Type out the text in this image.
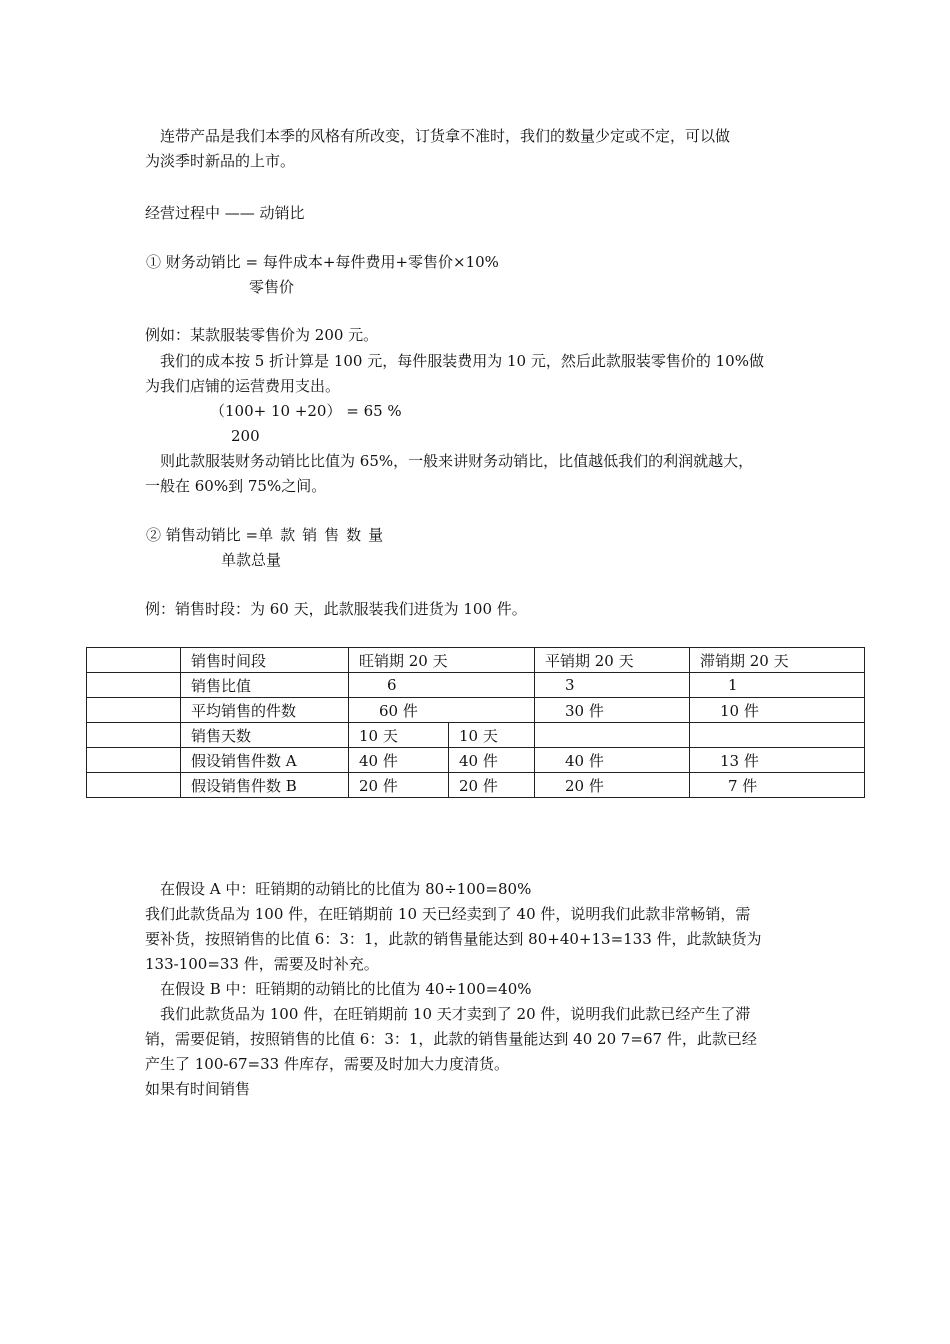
连带产品是我们本季的风格有所改变，订货拿不准时，我们的数量少定或不定，可以做
为淡季时新品的上市。
经营过程中 —— 动销比
① 财务动销比 = 每件成本+每件费用+零售价×10%
零售价
例如：某款服装零售价为 200 元。
我们的成本按 5 折计算是 100 元，每件服装费用为 10 元，然后此款服装零售价的 10%做
为我们店铺的运营费用支出。
（100+ 10 +20） = 65 %
200
则此款服装财务动销比比值为 65%，一般来讲财务动销比，比值越低我们的利润就越大，
一般在 60%到 75%之间。
② 销售动销比 =单款销售数量
单款总量
例：销售时段：为 60 天，此款服装我们进货为 100 件。
	销售时间段	旺销期 20 天		平销期 20 天	滞销期 20 天
	销售比值	6		3	1
	平均销售的件数	60 件		30 件	10 件
	销售天数	10 天	10 天		
	假设销售件数 A	40 件	40 件	40 件	13 件
	假设销售件数 B	20 件	20 件	20 件	7 件
在假设 A 中：旺销期的动销比的比值为 80÷100=80%
我们此款货品为 100 件，在旺销期前 10 天已经卖到了 40 件，说明我们此款非常畅销，需
要补货，按照销售的比值 6：3：1，此款的销售量能达到 80+40+13=133 件，此款缺货为
133-100=33 件，需要及时补充。
在假设 B 中：旺销期的动销比的比值为 40÷100=40%
我们此款货品为 100 件，在旺销期前 10 天才卖到了 20 件，说明我们此款已经产生了滞
销，需要促销，按照销售的比值 6：3：1，此款的销售量能达到 40 20 7=67 件，此款已经
产生了 100-67=33 件库存，需要及时加大力度清货。
如果有时间销售
